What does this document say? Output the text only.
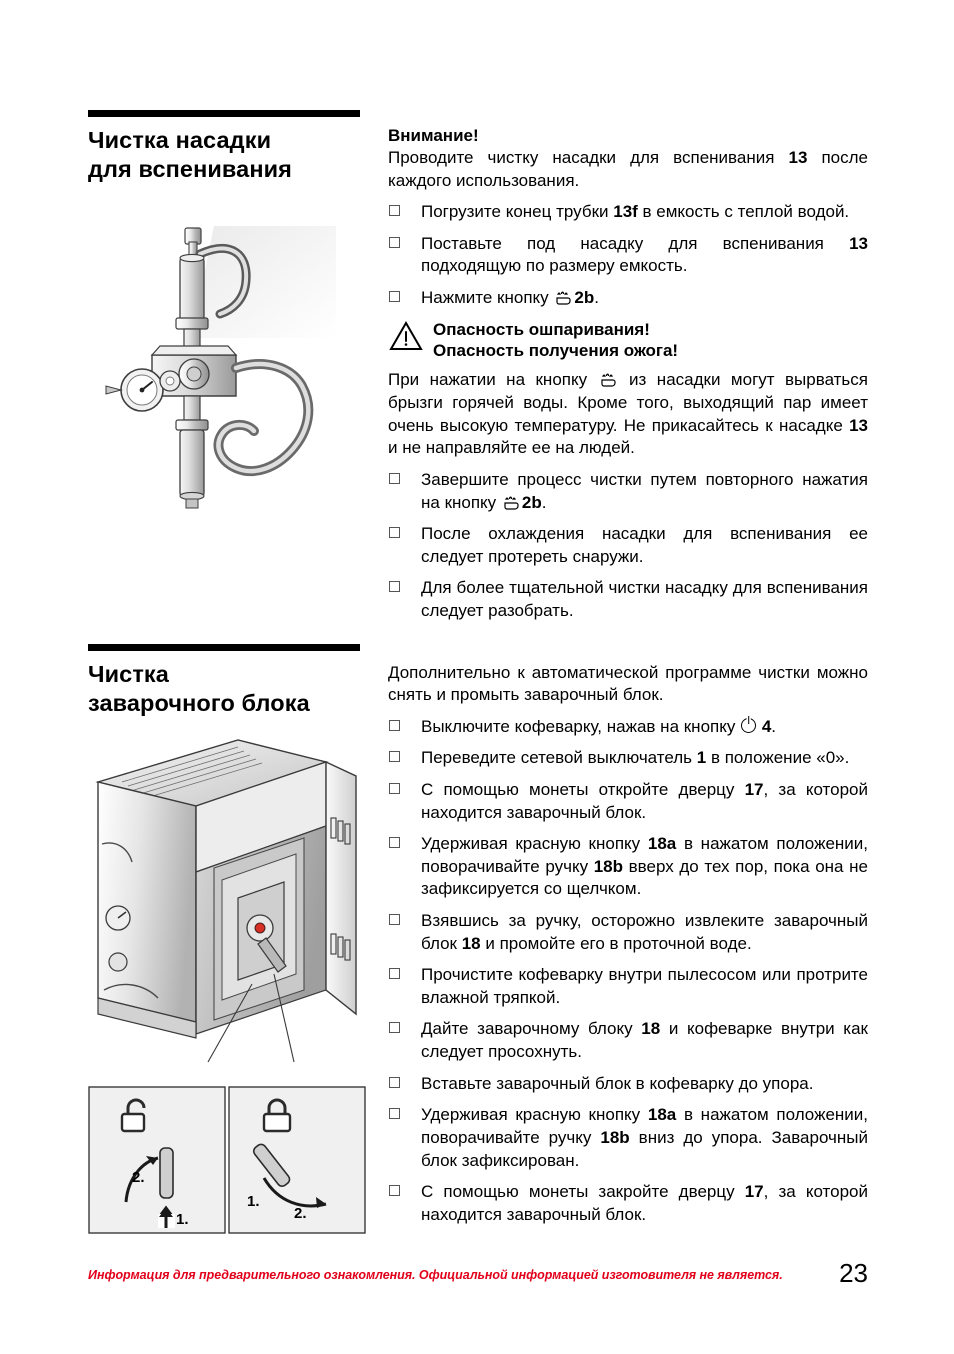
Чистка насадки
для вспенивания
Внимание!

Проводите чистку насадки для вспенивания 13 после каждого использования.

Погрузите конец трубки 13f в емкость с теплой водой.
Поставьте под насадку для вспенивания 13 подходящую по размеру емкость.
Нажмите кнопку 2b.
Опасность ошпаривания!
Опасность получения ожога!

При нажатии на кнопку  из насадки могут вырваться брызги горячей воды. Кроме того, выходящий пар имеет очень высокую температуру. Не прикасайтесь к насадке 13 и не направляйте ее на людей.

Завершите процесс чистки путем повторного нажатия на кнопку 2b.
После охлаждения насадки для вспенивания ее следует протереть снаружи.
Для более тщательной чистки насадку для вспенивания следует разобрать.

Дополнительно к автоматической программе чистки можно снять и промыть заварочный блок.

Выключите кофеварку, нажав на кнопку  4.
Переведите сетевой выключатель 1 в положение «0».
С помощью монеты откройте дверцу 17, за которой находится заварочный блок.
Удерживая красную кнопку 18a в нажатом положении, поворачивайте ручку 18b вверх до тех пор, пока она не зафиксируется со щелчком.
Взявшись за ручку, осторожно извлеките заварочный блок 18 и промойте его в проточной воде.
Прочистите кофеварку внутри пылесосом или протрите влажной тряпкой.
Дайте заварочному блоку 18 и кофеварке внутри как следует просохнуть.
Вставьте заварочный блок в кофеварку до упора.
Удерживая красную кнопку 18a в нажатом положении, поворачивайте ручку 18b вниз до упора. Заварочный блок зафиксирован.
С помощью монеты закройте дверцу 17, за которой находится заварочный блок.
Чистка
заварочного блока
2.
1.
1.
2.
Информация для предварительного ознакомления. Официальной информацией изготовителя не является.	23
